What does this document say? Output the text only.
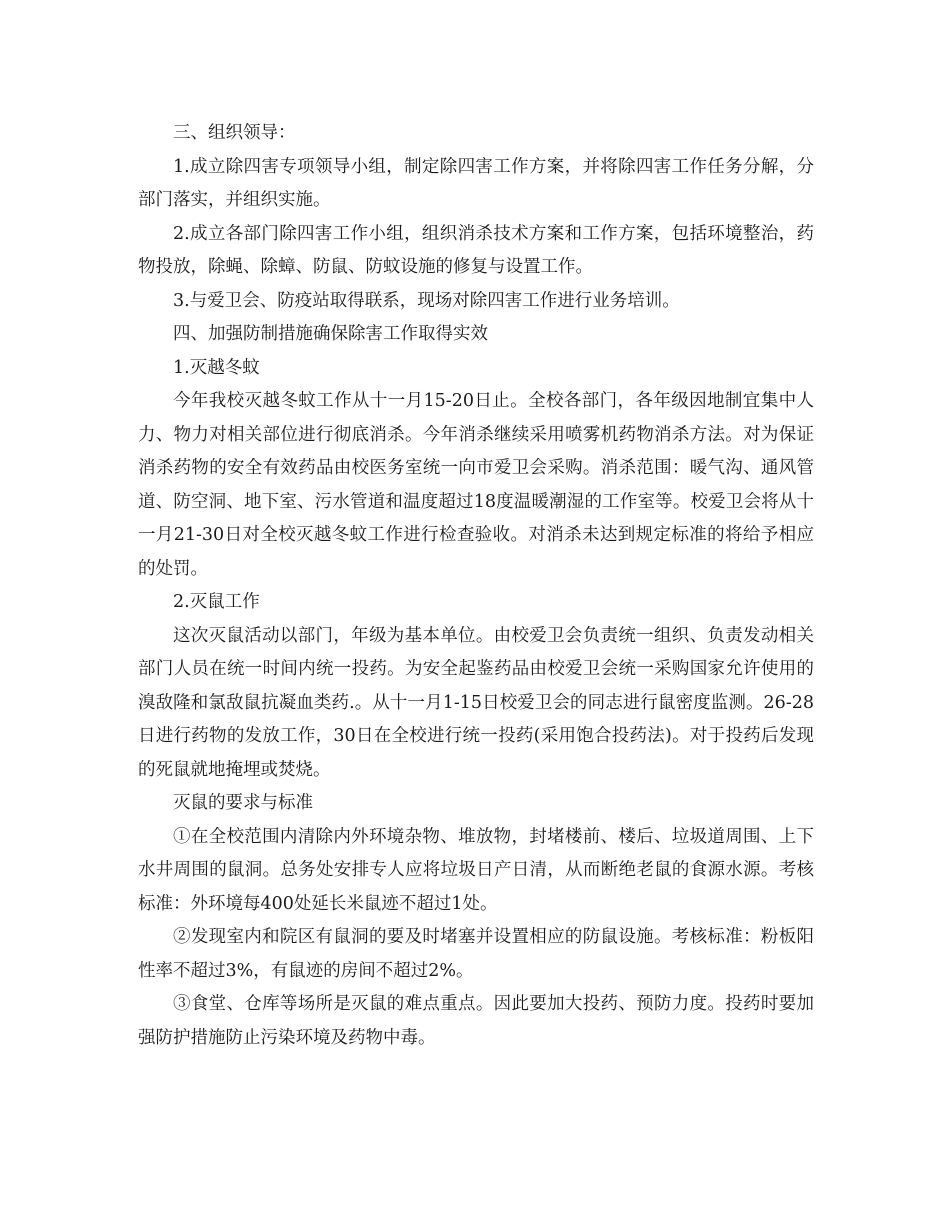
三、组织领导：

1.成立除四害专项领导小组，制定除四害工作方案，并将除四害工作任务分解，分部门落实，并组织实施。

2.成立各部门除四害工作小组，组织消杀技术方案和工作方案，包括环境整治，药物投放，除蝇、除蟑、防鼠、防蚊设施的修复与设置工作。

3.与爱卫会、防疫站取得联系，现场对除四害工作进行业务培训。

四、加强防制措施确保除害工作取得实效

1.灭越冬蚊

今年我校灭越冬蚊工作从十一月15-20日止。全校各部门，各年级因地制宜集中人力、物力对相关部位进行彻底消杀。今年消杀继续采用喷雾机药物消杀方法。对为保证消杀药物的安全有效药品由校医务室统一向市爱卫会采购。消杀范围：暖气沟、通风管道、防空洞、地下室、污水管道和温度超过18度温暖潮湿的工作室等。校爱卫会将从十一月21-30日对全校灭越冬蚊工作进行检查验收。对消杀未达到规定标准的将给予相应的处罚。

2.灭鼠工作

这次灭鼠活动以部门，年级为基本单位。由校爱卫会负责统一组织、负责发动相关部门人员在统一时间内统一投药。为安全起鉴药品由校爱卫会统一采购国家允许使用的溴敌隆和氯敌鼠抗凝血类药.。从十一月1-15日校爱卫会的同志进行鼠密度监测。26-28日进行药物的发放工作，30日在全校进行统一投药(采用饱合投药法)。对于投药后发现的死鼠就地掩埋或焚烧。

灭鼠的要求与标准

①在全校范围内清除内外环境杂物、堆放物，封堵楼前、楼后、垃圾道周围、上下水井周围的鼠洞。总务处安排专人应将垃圾日产日清，从而断绝老鼠的食源水源。考核标准：外环境每400处延长米鼠迹不超过1处。

②发现室内和院区有鼠洞的要及时堵塞并设置相应的防鼠设施。考核标准：粉板阳性率不超过3%，有鼠迹的房间不超过2%。

③食堂、仓库等场所是灭鼠的难点重点。因此要加大投药、预防力度。投药时要加强防护措施防止污染环境及药物中毒。
